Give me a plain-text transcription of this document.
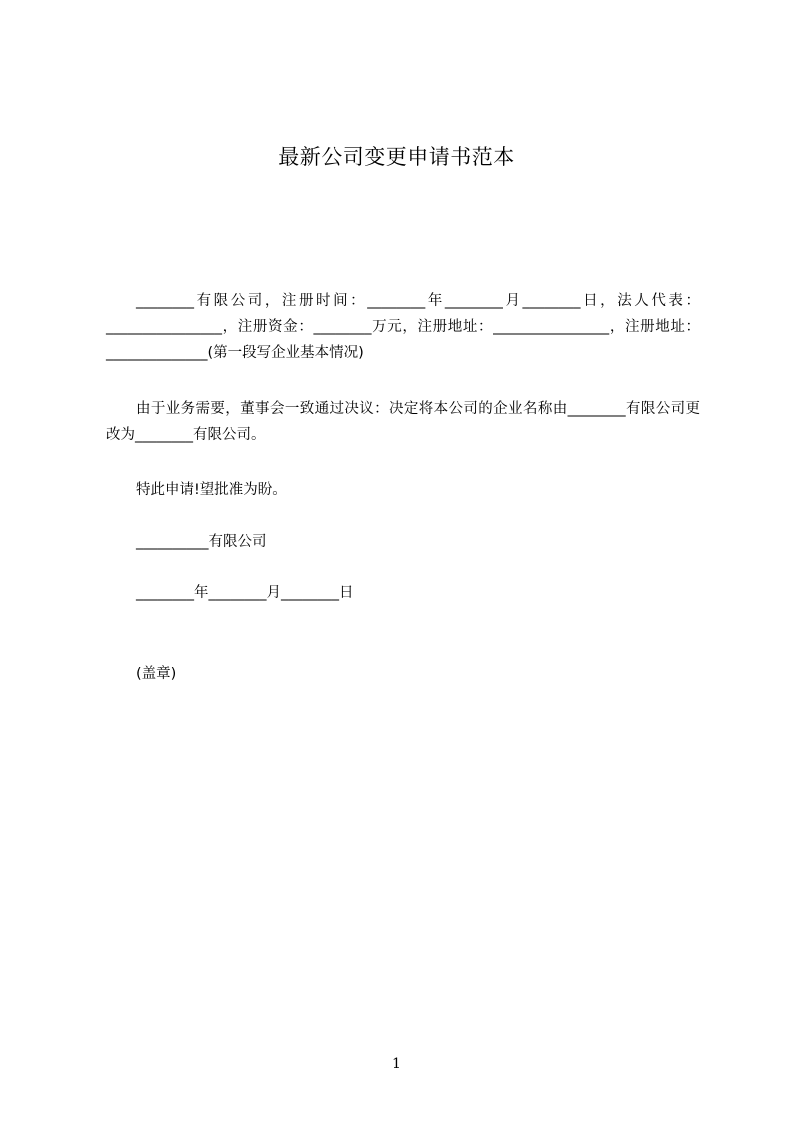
最新公司变更申请书范本

________有限公司，注册时间：________年________月________日，法人代表：________________，注册资金：________万元，注册地址：________________，注册地址：______________(第一段写企业基本情况)

由于业务需要，董事会一致通过决议：决定将本公司的企业名称由________有限公司更改为________有限公司。

特此申请!望批准为盼。

__________有限公司

________年________月________日

(盖章)

1
